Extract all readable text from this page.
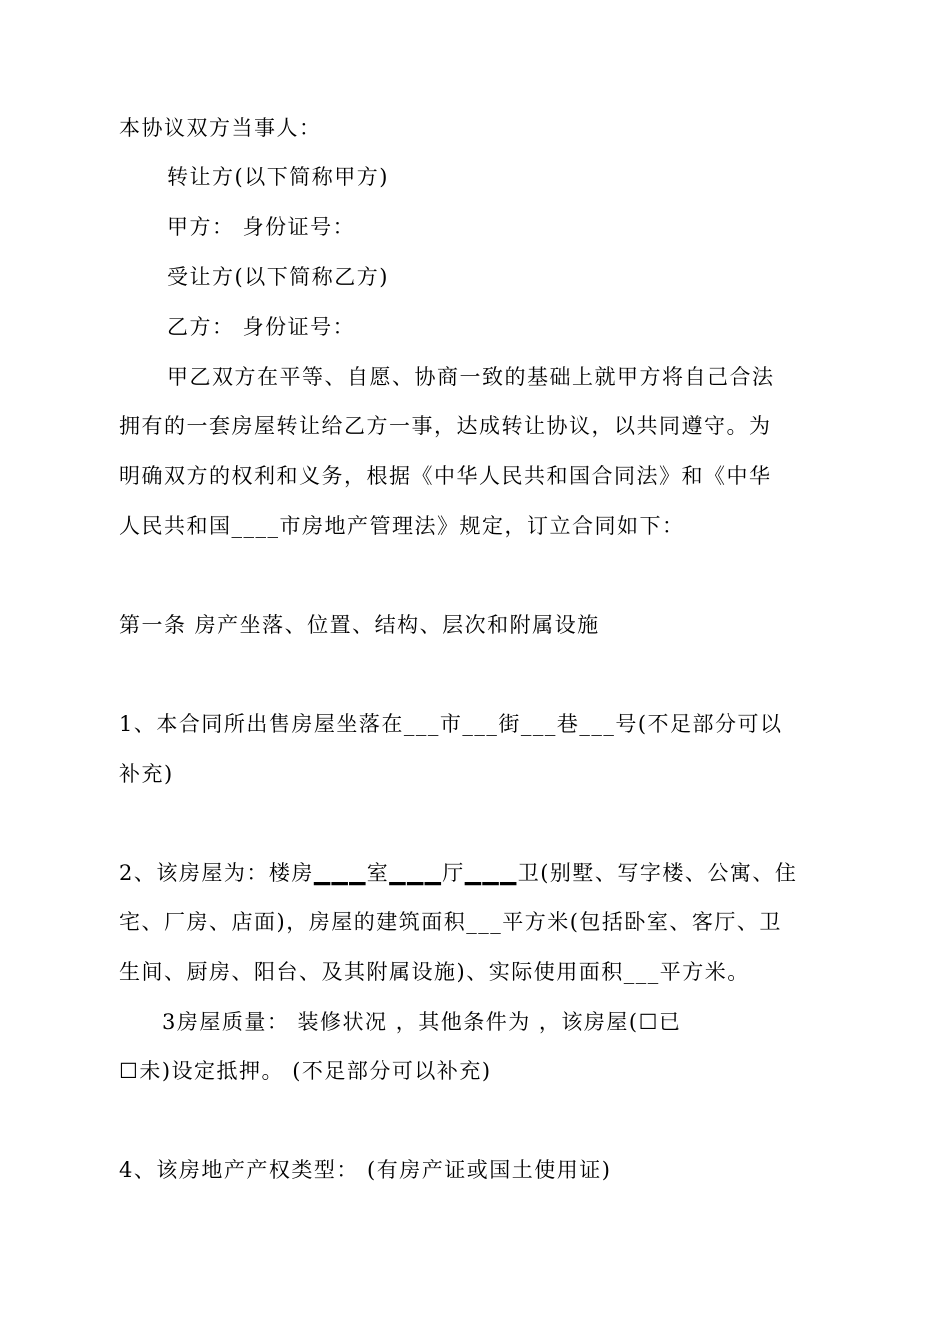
本协议双方当事人：
转让方(以下简称甲方)
甲方： 身份证号：
受让方(以下简称乙方)
乙方： 身份证号：
甲乙双方在平等、自愿、协商一致的基础上就甲方将自己合法
拥有的一套房屋转让给乙方一事，达成转让协议，以共同遵守。为
明确双方的权利和义务，根据《中华人民共和国合同法》和《中华
人民共和国____市房地产管理法》规定，订立合同如下：
第一条 房产坐落、位置、结构、层次和附属设施
1、本合同所出售房屋坐落在___市___街___巷___号(不足部分可以
补充)
2、该房屋为：楼房▁▁▁室▁▁▁厅▁▁▁卫(别墅、写字楼、公寓、住
宅、厂房、店面)，房屋的建筑面积___平方米(包括卧室、客厅、卫
生间、厨房、阳台、及其附属设施)、实际使用面积___平方米。
3房屋质量： 装修状况 ，其他条件为 ，该房屋(☐已
☐未)设定抵押。 (不足部分可以补充)
4、该房地产产权类型： (有房产证或国土使用证)
